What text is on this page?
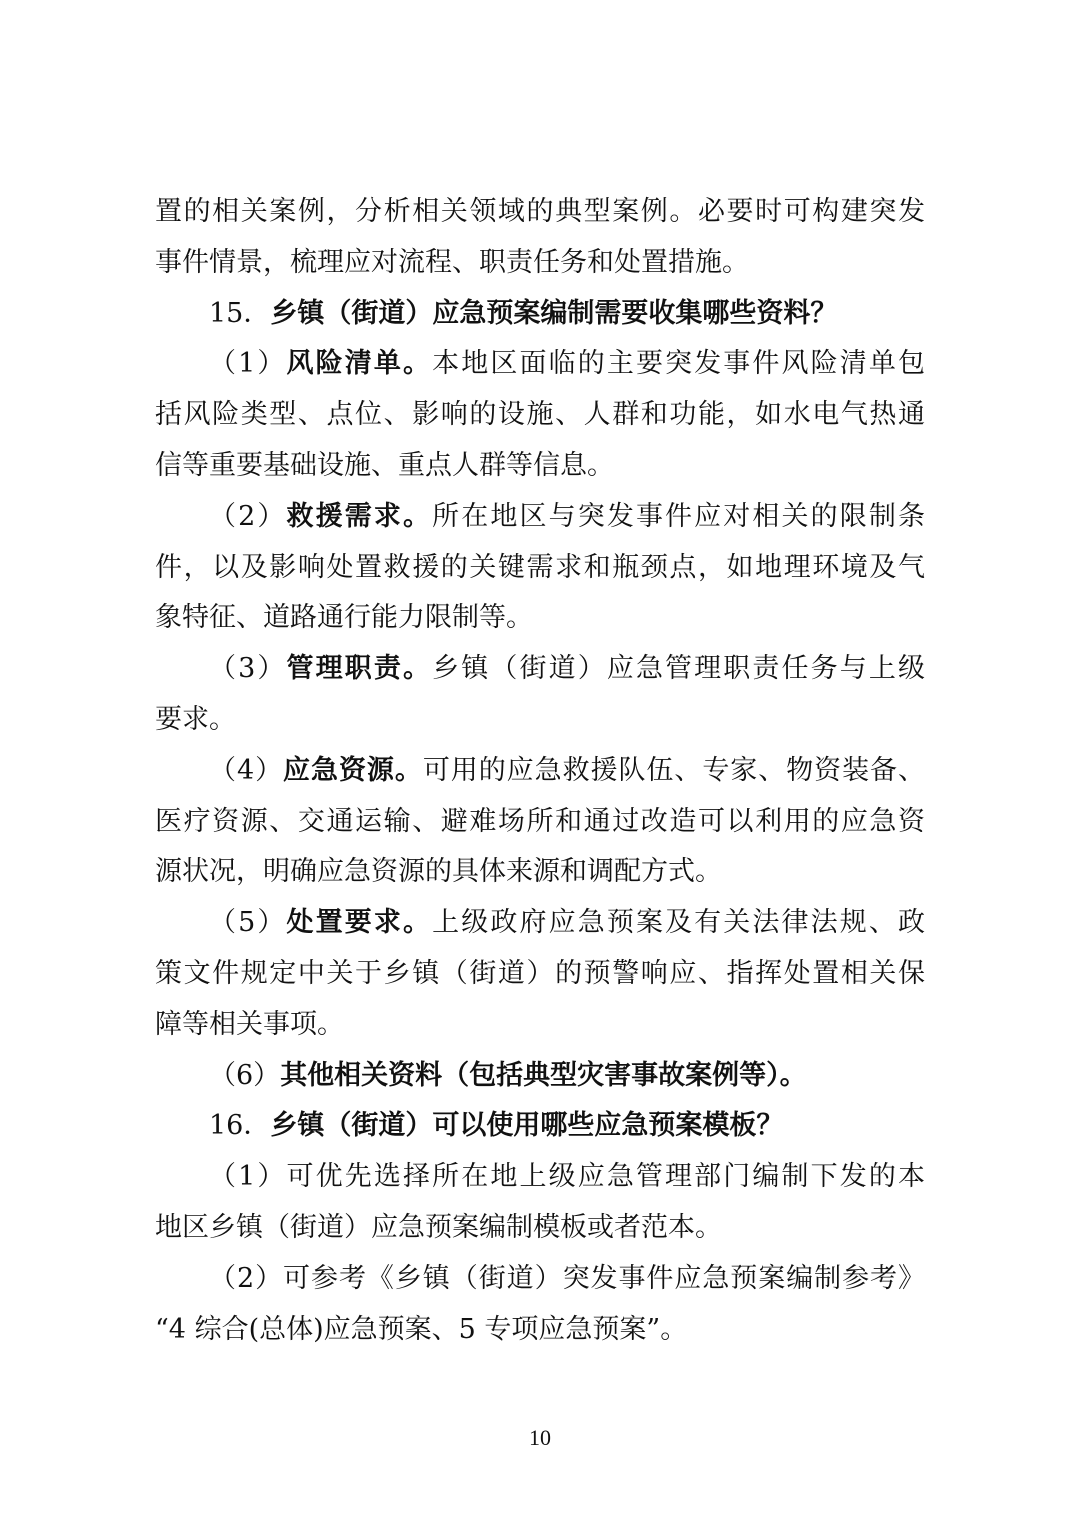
置的相关案例，分析相关领域的典型案例。必要时可构建突发
事件情景，梳理应对流程、职责任务和处置措施。
15．乡镇（街道）应急预案编制需要收集哪些资料？
（1）风险清单。本地区面临的主要突发事件风险清单包
括风险类型、点位、影响的设施、人群和功能，如水电气热通
信等重要基础设施、重点人群等信息。
（2）救援需求。所在地区与突发事件应对相关的限制条
件，以及影响处置救援的关键需求和瓶颈点，如地理环境及气
象特征、道路通行能力限制等。
（3）管理职责。乡镇（街道）应急管理职责任务与上级
要求。
（4）应急资源。可用的应急救援队伍、专家、物资装备、
医疗资源、交通运输、避难场所和通过改造可以利用的应急资
源状况，明确应急资源的具体来源和调配方式。
（5）处置要求。上级政府应急预案及有关法律法规、政
策文件规定中关于乡镇（街道）的预警响应、指挥处置相关保
障等相关事项。
（6）其他相关资料（包括典型灾害事故案例等）。
16．乡镇（街道）可以使用哪些应急预案模板？
（1）可优先选择所在地上级应急管理部门编制下发的本
地区乡镇（街道）应急预案编制模板或者范本。
（2）可参考《乡镇（街道）突发事件应急预案编制参考》
“4 综合(总体)应急预案、5 专项应急预案”。
10
